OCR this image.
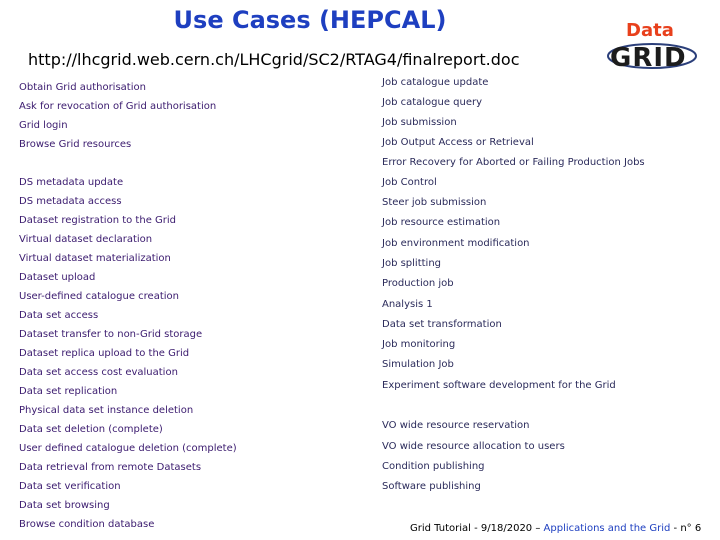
Use Cases (HEPCAL)
http://lhcgrid.web.cern.ch/LHCgrid/SC2/RTAG4/finalreport.doc
Data
GRID
Obtain Grid authorisation
Ask for revocation of Grid authorisation
Grid login
Browse Grid resources
DS metadata update
DS metadata access
Dataset registration to the Grid
Virtual dataset declaration
Virtual dataset materialization
Dataset upload
User-defined catalogue creation
Data set access
Dataset transfer to non-Grid storage
Dataset replica upload to the Grid
Data set access cost evaluation
Data set replication
Physical data set instance deletion
Data set deletion (complete)
User defined catalogue deletion (complete)
Data retrieval from remote Datasets
Data set verification
Data set browsing
Browse condition database
Job catalogue update
Job catalogue query
Job submission
Job Output Access or Retrieval
Error Recovery for Aborted or Failing Production Jobs
Job Control
Steer job submission
Job resource estimation
Job environment modification
Job splitting
Production job
Analysis 1
Data set transformation
Job monitoring
Simulation Job
Experiment software development for the Grid
VO wide resource reservation
VO wide resource allocation to users
Condition publishing
Software publishing
Grid Tutorial - 9/18/2020 – Applications and the Grid - n° 6
